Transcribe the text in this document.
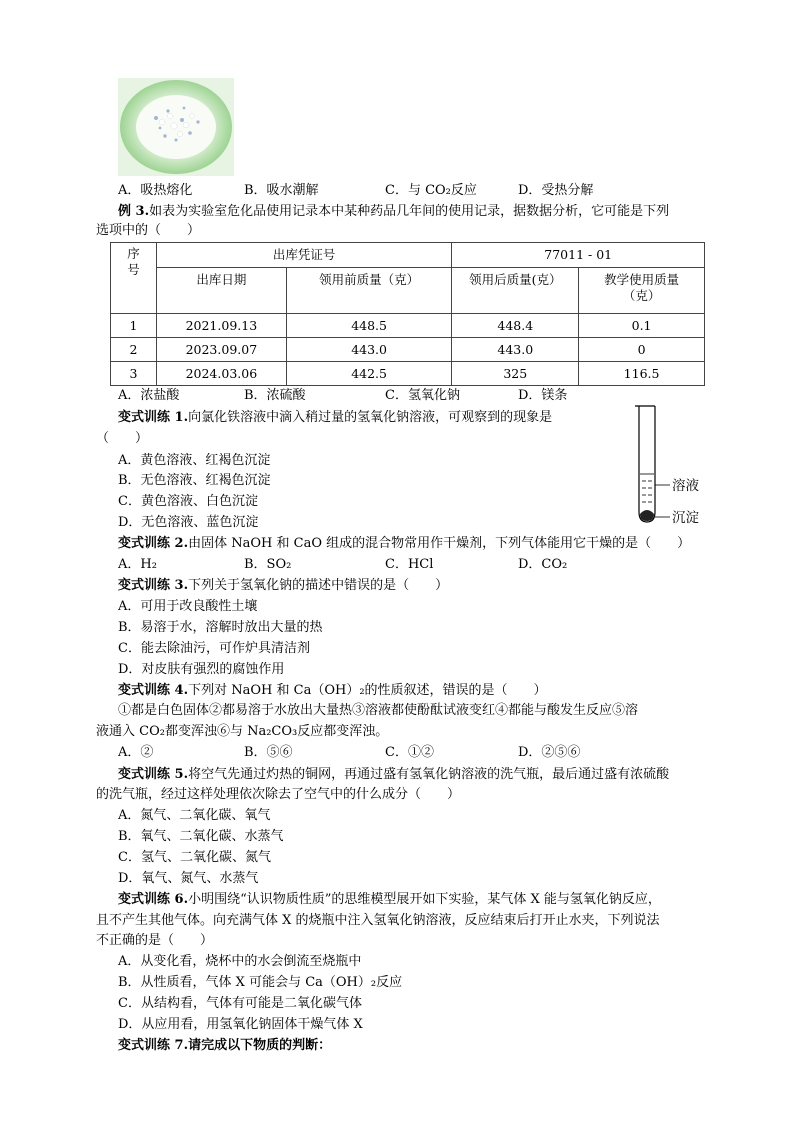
A．吸热熔化	B．吸水潮解	C．与 CO₂反应	D．受热分解
例 3.如表为实验室危化品使用记录本中某种药品几年间的使用记录，据数据分析，它可能是下列
选项中的（　　）
序号	出库凭证号		77011 - 01	
	出库日期	领用前质量（克）	领用后质量(克）	教学使用质量（克）
1	2021.09.13	448.5	448.4	0.1
2	2023.09.07	443.0	443.0	0
3	2024.03.06	442.5	325	116.5
A．浓盐酸	B．浓硫酸	C．氢氧化钠	D．镁条
变式训练 1.向氯化铁溶液中滴入稍过量的氢氧化钠溶液，可观察到的现象是
（　　）
A．黄色溶液、红褐色沉淀
B．无色溶液、红褐色沉淀
C．黄色溶液、白色沉淀
D．无色溶液、蓝色沉淀
溶液
沉淀
变式训练 2.由固体 NaOH 和 CaO 组成的混合物常用作干燥剂，下列气体能用它干燥的是（　　）
A．H₂	B．SO₂	C．HCl	D．CO₂
变式训练 3.下列关于氢氧化钠的描述中错误的是（　　）
A．可用于改良酸性土壤
B．易溶于水，溶解时放出大量的热
C．能去除油污，可作炉具清洁剂
D．对皮肤有强烈的腐蚀作用
变式训练 4.下列对 NaOH 和 Ca（OH）₂的性质叙述，错误的是（　　）
①都是白色固体②都易溶于水放出大量热③溶液都使酚酞试液变红④都能与酸发生反应⑤溶
液通入 CO₂都变浑浊⑥与 Na₂CO₃反应都变浑浊。
A．②	B．⑤⑥	C．①②	D．②⑤⑥
变式训练 5.将空气先通过灼热的铜网，再通过盛有氢氧化钠溶液的洗气瓶，最后通过盛有浓硫酸
的洗气瓶，经过这样处理依次除去了空气中的什么成分（　　）
A．氮气、二氧化碳、氧气
B．氧气、二氧化碳、水蒸气
C．氢气、二氧化碳、氮气
D．氧气、氮气、水蒸气
变式训练 6.小明围绕“认识物质性质”的思维模型展开如下实验，某气体 X 能与氢氧化钠反应，
且不产生其他气体。向充满气体 X 的烧瓶中注入氢氧化钠溶液，反应结束后打开止水夹，下列说法
不正确的是（　　）
A．从变化看，烧杯中的水会倒流至烧瓶中
B．从性质看，气体 X 可能会与 Ca（OH）₂反应
C．从结构看，气体有可能是二氧化碳气体
D．从应用看，用氢氧化钠固体干燥气体 X
变式训练 7.请完成以下物质的判断：
